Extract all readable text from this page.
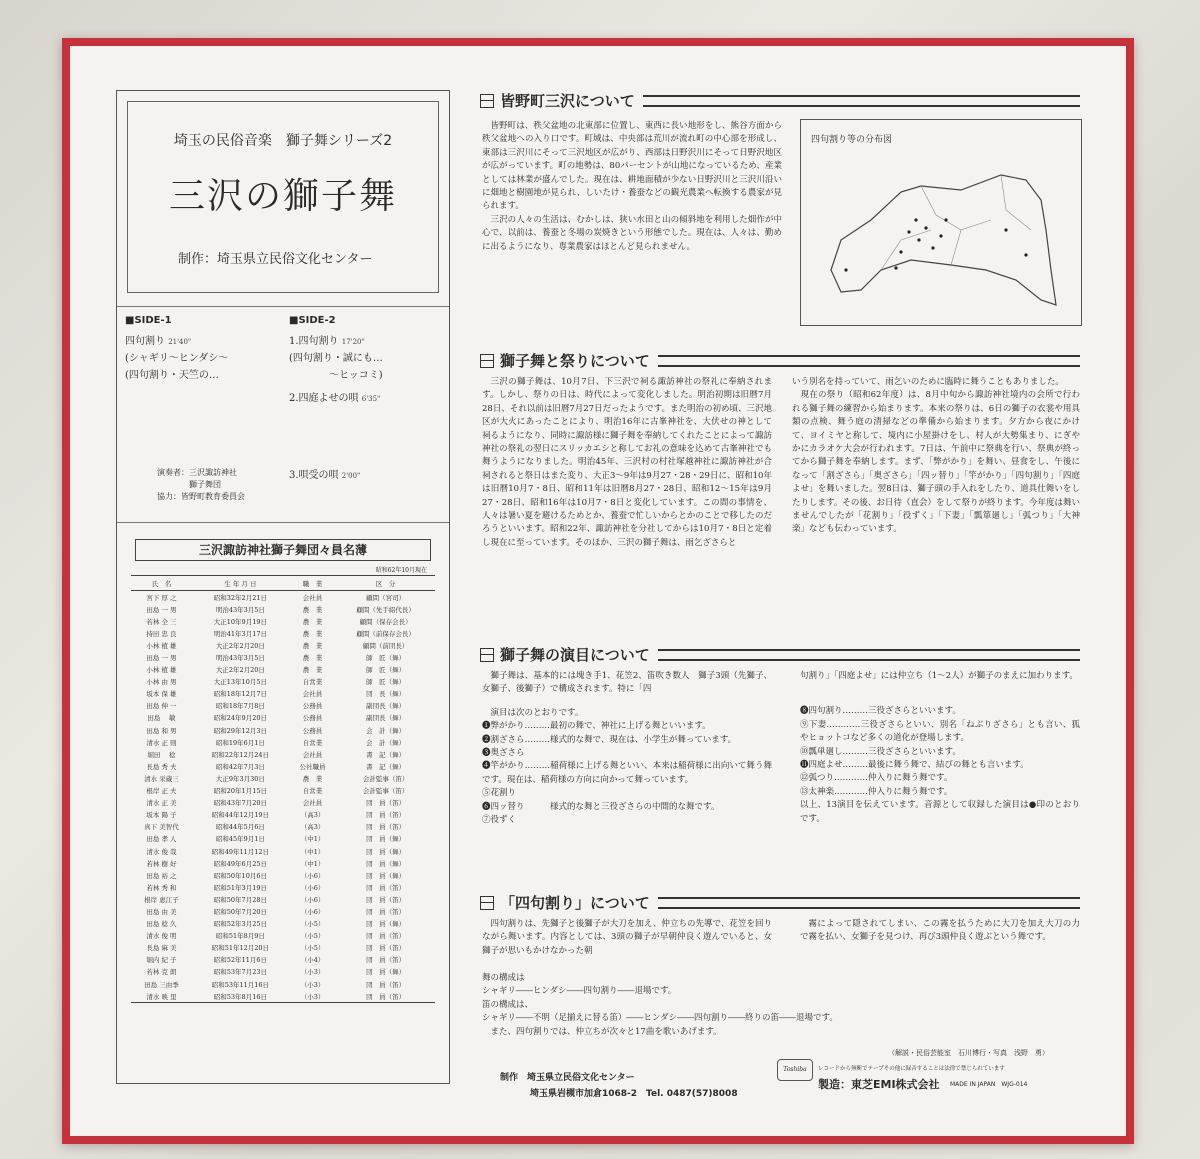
埼玉の民俗音楽　獅子舞シリーズ2
三沢の獅子舞
制作：埼玉県立民俗文化センター
■SIDE-1

四句割り 21'40"

(シャギリ～ヒンダシ～

(四句割り・天竺の…

■SIDE-2

1.四句割り 17'20"

(四句割り・誠にも…

　　　　～ヒッコミ)

2.四庭よせの唄 6'35"

3.唄受の唄 2'00"

演奏者：三沢諏訪神社
　　　　獅子舞団
協力：皆野町教育委員会
三沢諏訪神社獅子舞団々員名薄
昭和62年10月現在
氏　名	生 年 月 日	職　業	区　分
宮下 厚 之	昭和32年2月21日	会社員	顧問（宮司）
田島 一 男	明治43年3月5日	農　業	顧問（先手紹代長）
若林 全 三	大正10年9月19日	農　業	顧問（保存会長）
持田 忠 良	明治41年3月17日	農　業	顧問（前保存会長）
小林 植 雄	大正2年2月20日	農　業	顧問（前団長）
田島 一 男	明治43年3月5日	農　業	師　匠（舞）
小林 植 雄	大正2年2月20日	農　業	師　匠（舞）
小林 由 男	大正13年10月5日	自営業	師　匠（舞）
坂本 保 雄	昭和18年12月7日	会社員	団　長（舞）
田島 伸 一	昭和18年7月8日	公務員	副団長（舞）
田島 　敏	昭和24年9月20日	公務員	副団長（舞）
田島 和 男	昭和29年12月3日	公務員	会　計（舞）
清水 正 則	昭和19年6月1日	自営業	会　計（舞）
堀田 　稔	昭和22年12月24日	会社員	書　記（舞）
長島 秀 夫	昭和42年7月3日	公社職員	書　記（舞）
清水 栄蔵三	大正9年3月30日	農　業	会計監事（笛）
根岸 正 夫	昭和20年1月15日	自営業	会計監事（笛）
清水 正 美	昭和43年7月20日	会社員	団　員（笛）
坂本 陽 子	昭和44年12月19日	（高3）	団　員（笛）
真下 美智代	昭和44年5月6日	（高3）	団　員（笛）
田島 孝 人	昭和45年9月1日	（中1）	団　員（舞）
清水 俊 哉	昭和49年11月12日	（中1）	団　員（舞）
若林 樹 好	昭和49年6月25日	（中1）	団　員（舞）
田島 裕 之	昭和50年10月6日	（小6）	団　員（舞）
若林 秀 和	昭和51年3月19日	（小6）	団　員（笛）
根岸 恵江子	昭和50年7月28日	（小6）	団　員（笛）
田島 由 美	昭和50年7月20日	（小6）	団　員（笛）
田島 稔 久	昭和52年3月25日	（小5）	団　員（舞）
清水 俊 明	昭和51年8月9日	（小5）	団　員（笛）
長島 麻 美	昭和51年12月20日	（小5）	団　員（笛）
堀内 紀 子	昭和52年11月6日	（小4）	団　員（笛）
若林 克 朗	昭和53年7月23日	（小3）	団　員（舞）
田島 三由季	昭和53年11月16日	（小3）	団　員（笛）
清水 映 里	昭和53年8月16日	（小3）	団　員（笛）
皆野町三沢について

皆野町は、秩父盆地の北東部に位置し、東西に長い地形をし、熊谷方面から秩父盆地への入り口です。町域は、中央部は荒川が流れ町の中心部を形成し、東部は三沢川にそって三沢地区が広がり、西部は日野沢川にそって日野沢地区が広がっています。町の地勢は、80パーセントが山地になっているため、産業としては林業が盛んでした。現在は、耕地面積が少ない日野沢川と三沢川沿いに畑地と樹園地が見られ、しいたけ・養蚕などの観光農業へ転換する農家が見られます。

三沢の人々の生活は、むかしは、狭い水田と山の傾斜地を利用した畑作が中心で、以前は、養蚕と冬場の炭焼きという形態でした。現在は、人々は、勤めに出るようになり、専業農家はほとんど見られません。

四句割り等の分布図
獅子舞と祭りについて

三沢の獅子舞は、10月7日、下三沢で祠る諏訪神社の祭礼に奉納されます。しかし、祭りの日は、時代によって変化しました。明治初期は旧暦7月28日、それ以前は旧暦7月27日だったようです。また明治の初め頃、三沢地区が大火にあったことにより、明治16年に古峯神社を、大伏せの神として祠るようになり、同時に諏訪様に獅子舞を奉納してくれたことによって諏訪神社の祭礼の翌日にスリッカエシと称してお礼の意味を込めて古峯神社でも舞うようになりました。明治45年、三沢村の村社塚越神社に諏訪神社が合祠されると祭日はまた変り、大正3～9年は9月27・28・29日に、昭和10年は旧暦10月7・8日、昭和11年は旧暦8月27・28日、昭和12～15年は9月27・28日、昭和16年は10月7・8日と変化しています。この間の事情を、人々は暑い夏を避けるためとか、養蚕で忙しいからとかのことで移したのだろうといいます。昭和22年、諏訪神社を分社してからは10月7・8日と定着し現在に至っています。そのほか、三沢の獅子舞は、雨乞ざさらと

いう別名を持っていて、雨乞いのために臨時に舞うこともありました。

現在の祭り（昭和62年度）は、8月中旬から諏訪神社境内の会所で行われる獅子舞の練習から始まります。本来の祭りは、6日の獅子の衣裳や用具類の点検、舞う庭の清掃などの準備から始まります。夕方から夜にかけて、ヨイミヤと称して、境内に小屋掛けをし、村人が大勢集まり、にぎやかにカラオケ大会が行われます。7日は、午前中に祭典を行い、祭典が終ってから獅子舞を奉納します。まず、「弊がかり」を舞い、昼食をし、午後になって「割ざさら」「奥ざさら」「四ッ替り」「竿がかり」「四句割り」「四庭よせ」を舞いました。翌8日は、獅子頭の手入れをしたり、道具仕舞いをしたりします。その後、お日待（直会）をして祭りが終ります。今年度は舞いませんでしたが「花割り」「役ずく」「下妻」「瓢箪廻し」「弧つり」「大神楽」なども伝わっています。

獅子舞の演目について

獅子舞は、基本的には塊き手1、花笠2、笛吹き数人　獅子3頭（先獅子、女獅子、後獅子）で構成されます。特に「四

演目は次のとおりです。

❶弊がかり………最初の舞で、神社に上げる舞といいます。
❷割ざさら………様式的な舞で、現在は、小学生が舞っています。
❸奥ざさら
❹竿がかり………稲荷様に上げる舞といい、本来は稲荷様に出向いて舞う舞です。現在は、稲荷様の方向に向かって舞っています。
⑤花割り
❻四ッ替り　　　様式的な舞と三役ざさらの中間的な舞です。
⑦役ずく

句割り」「四庭よせ」には仲立ち（1～2人）が獅子のまえに加わります。

❽四句割り………三役ざさらといいます。
⑨下妻…………三役ざさらといい、別名「ねぶりざさら」とも言い、狐やヒョットコなど多くの道化が登場します。
⑩瓢単廻し………三役ざさらといいます。
⓫四庭よせ………最後に舞う舞で、結びの舞とも言います。
⑫弧つり…………仲入りに舞う舞です。
⑬太神楽…………仲入りに舞う舞です。
以上、13演目を伝えています。音源として収録した演目は●印のとおりです。
「四句割り」について

四句割りは、先獅子と後獅子が大刀を加え、仲立ちの先導で、花笠を回りながら舞います。内容としては、3頭の獅子が早朝仲良く遊んでいると、女獅子が思いもかけなかった朝

霧によって隠されてしまい、この霧を払うために大刀を加え大刀の力で霧を払い、女獅子を見つけ、再び3頭仲良く遊ぶという舞です。

舞の構成は

シャギリ――ヒンダシ――四句割り――退場です。

笛の構成は、

シャギリ――不明（足揃えに替る笛）――ヒンダシ――四句割り――終りの笛――退場です。

また、四句割りでは、仲立ちが次々と17曲を歌いあげます。

（解説・民俗芸能室　石川博行・写真　浅野　勇）
制作　 埼玉県立民俗文化センター
埼玉県岩槻市加倉1068-2　Tel. 0487(57)8008
Toshiba	レコードから無断でテープその他に録音することは法律で禁じられています
製造：東芝EMI株式会社 MADE IN JAPAN　WJG-014
